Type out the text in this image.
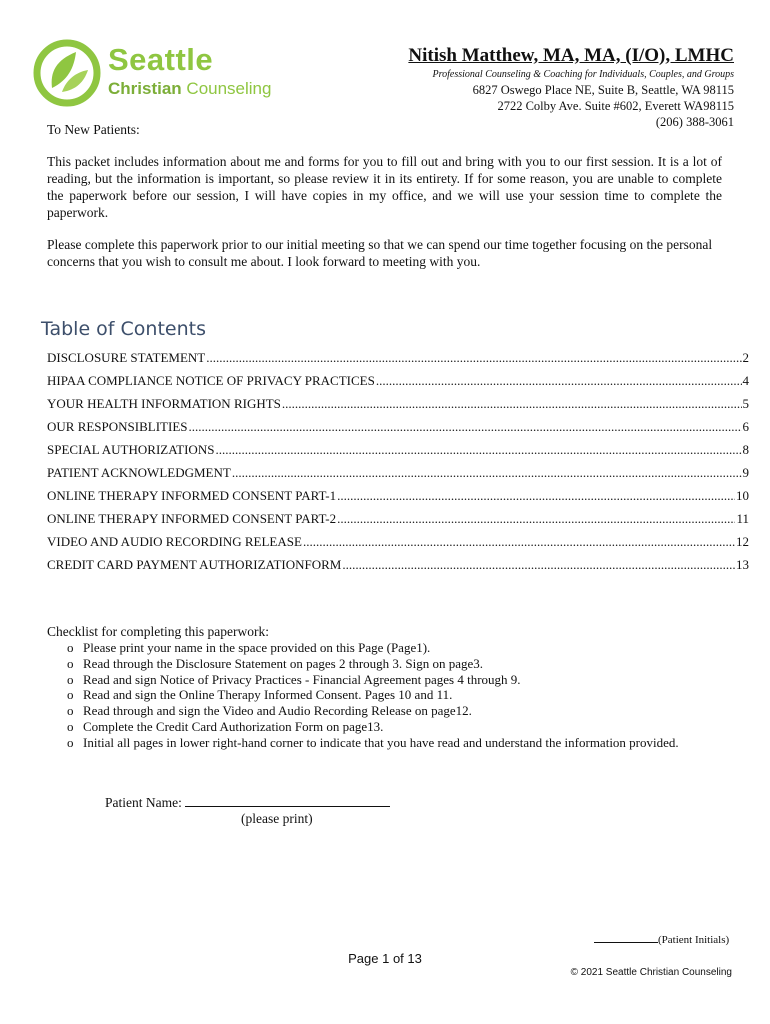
Seattle
Christian Counseling
Nitish Matthew, MA, MA, (I/O), LMHC
Professional Counseling & Coaching for Individuals, Couples, and Groups
6827 Oswego Place NE, Suite B, Seattle, WA 98115
2722 Colby Ave. Suite #602, Everett WA98115
(206) 388-3061
To New Patients:
This packet includes information about me and forms for you to fill out and bring with you to our first session. It is a lot of reading, but the information is important, so please review it in its entirety. If for some reason, you are unable to complete the paperwork before our session, I will have copies in my office, and we will use your session time to complete the paperwork.
Please complete this paperwork prior to our initial meeting so that we can spend our time together focusing on the personal concerns that you wish to consult me about. I look forward to meeting with you.
Table of Contents
DISCLOSURE STATEMENT .....	2
HIPAA COMPLIANCE NOTICE OF PRIVACY PRACTICES .....	4
YOUR HEALTH INFORMATION RIGHTS .....	5
OUR RESPONSIBLITIES .....	6
SPECIAL AUTHORIZATIONS .....	8
PATIENT ACKNOWLEDGMENT .....	9
ONLINE THERAPY INFORMED CONSENT PART-1 .....	10
ONLINE THERAPY INFORMED CONSENT PART-2 .....	11
VIDEO AND AUDIO RECORDING RELEASE .....	12
CREDIT CARD PAYMENT AUTHORIZATIONFORM .....	13
Checklist for completing this paperwork:
o Please print your name in the space provided on this Page (Page1).
o Read through the Disclosure Statement on pages 2 through 3. Sign on page3.
o Read and sign Notice of Privacy Practices - Financial Agreement pages 4 through 9.
o Read and sign the Online Therapy Informed Consent. Pages 10 and 11.
o Read through and sign the Video and Audio Recording Release on page12.
o Complete the Credit Card Authorization Form on page13.
o Initial all pages in lower right-hand corner to indicate that you have read and understand the information provided.
Patient Name:
(please print)
(Patient Initials)
Page 1 of 13
© 2021 Seattle Christian Counseling
